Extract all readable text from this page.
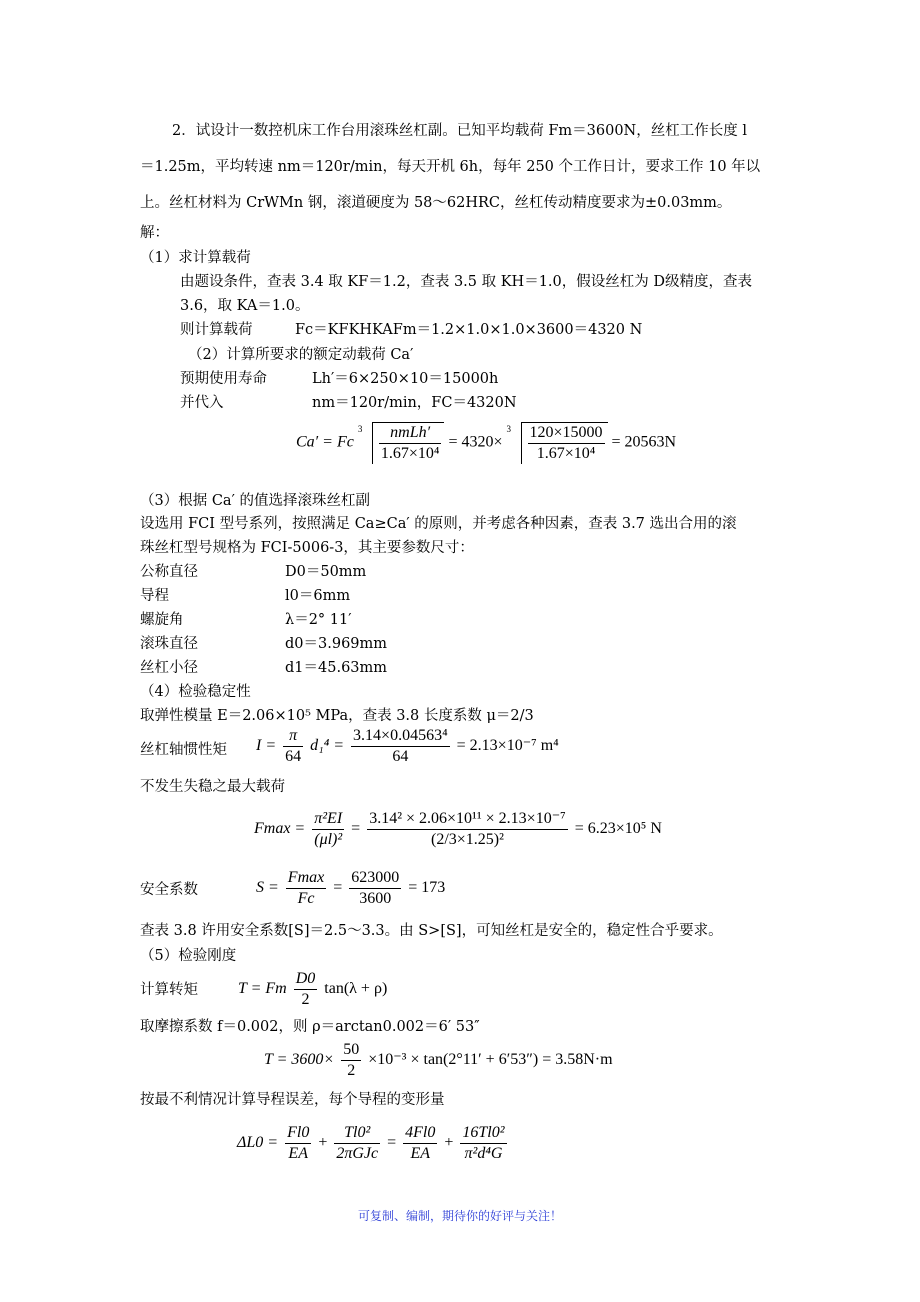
2．试设计一数控机床工作台用滚珠丝杠副。已知平均载荷 Fm＝3600N，丝杠工作长度 l
＝1.25m，平均转速 nm＝120r/min，每天开机 6h，每年 250 个工作日计，要求工作 10 年以
上。丝杠材料为 CrWMn 钢，滚道硬度为 58～62HRC，丝杠传动精度要求为±0.03mm。
解：
（1）求计算载荷
由题设条件，查表 3.4 取 KF＝1.2，查表 3.5 取 KH＝1.0，假设丝杠为 D级精度，查表
3.6，取 KA＝1.0。
则计算载荷	Fc＝KFKHKAFm＝1.2×1.0×1.0×3600＝4320 N
（2）计算所要求的额定动载荷 Ca′
预期使用寿命	Lh′＝6×250×10＝15000h
并代入	nm＝120r/min，FC＝4320N
Ca′ = Fc
$3 \frac{\text{nmLh′}}{\text{1.67×10⁴}} = 4320\times$
$3 \frac{120\times 15000}{\text{1.67×10⁴}} = 20563N$
（3）根据 Ca′ 的值选择滚珠丝杠副
设选用 FCI 型号系列，按照满足 Ca≥Ca′ 的原则，并考虑各种因素，查表 3.7 选出合用的滚
珠丝杠型号规格为 FCI-5006-3，其主要参数尺寸：
公称直径	D0＝50mm
导程	l0＝6mm
螺旋角	λ＝2° 11′
滚珠直径	d0＝3.969mm
丝杠小径	d1＝45.63mm
（4）检验稳定性
取弹性模量 E＝2.06×10⁵ MPa，查表 3.8 长度系数 μ＝2/3
丝杠轴惯性矩 $I = \frac{\pi}{64} d_1^4 = \frac{\text{3.14×0.04563⁴}}{64} = 2.13\times 10^{-7}$ m⁴
不发生失稳之最大载荷
$Fmax = \frac{\text{π²EI}}{\text{(μl)²}} = \frac{\text{3.14² × 2.06×10¹¹ × 2.13×10⁻⁷}}{\text{(2/3×1.25)²}} = 6.23\times 10^5$ N
安全系数	$S = \frac{Fmax}{Fc} = \frac{623000}{3600} = 173$
查表 3.8 许用安全系数[S]＝2.5～3.3。由 S>[S]，可知丝杠是安全的，稳定性合乎要求。
（5）检验刚度
计算转矩	T = Fm $\frac{D0}{2} \tan(\lambda + \rho)$
取摩擦系数 f＝0.002，则 ρ＝arctan0.002＝6′ 53″
$T = 3600\times \frac{50}{2} \times 10^{-3} \times \tan(2^\circ 11' + 6'53'') = 3.58N\cdot m$
按最不利情况计算导程误差，每个导程的变形量
$\Delta L0 = \frac{Fl0}{EA} + \frac{\text{Tl0²}}{\text{2πGJc}} = \frac{4Fl0}{EA} + \frac{\text{16Tl0²}}{\text{π²d⁴G}}$
可复制、编制，期待你的好评与关注！
